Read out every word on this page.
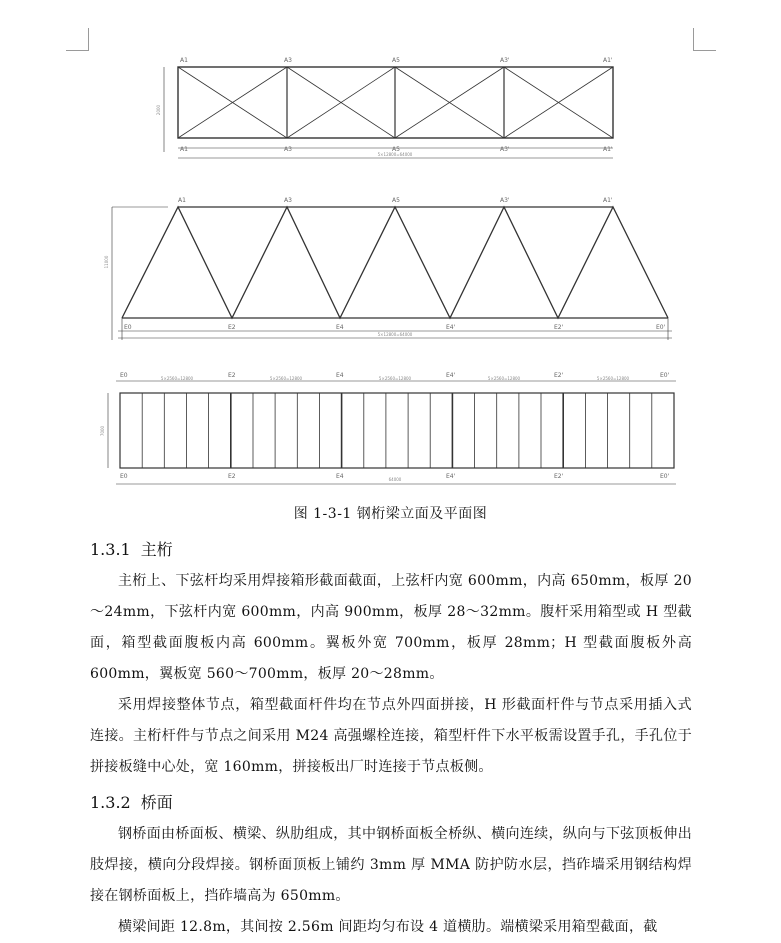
2000
5×12800=64000
A1	A3	A5	A3'	A1'
A1	A3	A5	A3'	A1'
11000
5×12800=64000
A1	A3	A5	A3'	A1'
E0	E2	E4	E4'	E2'	E0'
7000
64000
5×2560=12800	5×2560=12800	5×2560=12800	5×2560=12800	5×2560=12800
E0	E2	E4	E4'	E2'	E0'
E0	E2	E4	E4'	E2'	E0'
图 1-3-1 钢桁梁立面及平面图
1.3.1 主桁
主桁上、下弦杆均采用焊接箱形截面截面，上弦杆内宽 600mm，内高 650mm，板厚 20～24mm，下弦杆内宽 600mm，内高 900mm，板厚 28～32mm。腹杆采用箱型或 H 型截面，箱型截面腹板内高 600mm。翼板外宽 700mm，板厚 28mm；H 型截面腹板外高 600mm，翼板宽 560～700mm，板厚 20～28mm。
采用焊接整体节点，箱型截面杆件均在节点外四面拼接，H 形截面杆件与节点采用插入式连接。主桁杆件与节点之间采用 M24 高强螺栓连接，箱型杆件下水平板需设置手孔，手孔位于拼接板缝中心处，宽 160mm，拼接板出厂时连接于节点板侧。
1.3.2 桥面
钢桥面由桥面板、横梁、纵肋组成，其中钢桥面板全桥纵、横向连续，纵向与下弦顶板伸出肢焊接，横向分段焊接。钢桥面顶板上铺约 3mm 厚 MMA 防护防水层，挡砟墙采用钢结构焊接在钢桥面板上，挡砟墙高为 650mm。
横梁间距 12.8m，其间按 2.56m 间距均匀布设 4 道横肋。端横梁采用箱型截面，截
